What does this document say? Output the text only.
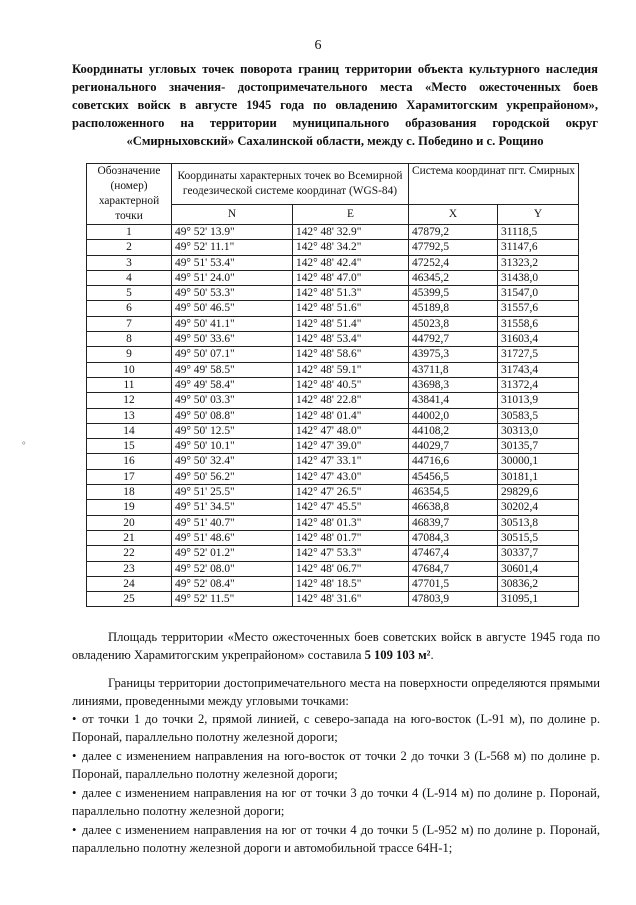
6
Координаты угловых точек поворота границ территории объекта культурного наследия регионального значения- достопримечательного места «Место ожесточенных боев советских войск в августе 1945 года по овладению Харамитогским укрепрайоном», расположенного на территории муниципального образования городской округ «Смирныховский» Сахалинской области, между с. Победино и с. Рощино
°
Обозначение (номер) характерной точки	Координаты характерных точек во Всемирной геодезической системе координат (WGS-84)		Система координат пгт. Смирных	
	N	E	X	Y
1	49° 52' 13.9"	142° 48' 32.9"	47879,2	31118,5
2	49° 52' 11.1"	142° 48' 34.2"	47792,5	31147,6
3	49° 51' 53.4"	142° 48' 42.4"	47252,4	31323,2
4	49° 51' 24.0"	142° 48' 47.0"	46345,2	31438,0
5	49° 50' 53.3"	142° 48' 51.3"	45399,5	31547,0
6	49° 50' 46.5"	142° 48' 51.6"	45189,8	31557,6
7	49° 50' 41.1"	142° 48' 51.4"	45023,8	31558,6
8	49° 50' 33.6"	142° 48' 53.4"	44792,7	31603,4
9	49° 50' 07.1"	142° 48' 58.6"	43975,3	31727,5
10	49° 49' 58.5"	142° 48' 59.1"	43711,8	31743,4
11	49° 49' 58.4"	142° 48' 40.5"	43698,3	31372,4
12	49° 50' 03.3"	142° 48' 22.8"	43841,4	31013,9
13	49° 50' 08.8"	142° 48' 01.4"	44002,0	30583,5
14	49° 50' 12.5"	142° 47' 48.0"	44108,2	30313,0
15	49° 50' 10.1"	142° 47' 39.0"	44029,7	30135,7
16	49° 50' 32.4"	142° 47' 33.1"	44716,6	30000,1
17	49° 50' 56.2"	142° 47' 43.0"	45456,5	30181,1
18	49° 51' 25.5"	142° 47' 26.5"	46354,5	29829,6
19	49° 51' 34.5"	142° 47' 45.5"	46638,8	30202,4
20	49° 51' 40.7"	142° 48' 01.3"	46839,7	30513,8
21	49° 51' 48.6"	142° 48' 01.7"	47084,3	30515,5
22	49° 52' 01.2"	142° 47' 53.3"	47467,4	30337,7
23	49° 52' 08.0"	142° 48' 06.7"	47684,7	30601,4
24	49° 52' 08.4"	142° 48' 18.5"	47701,5	30836,2
25	49° 52' 11.5"	142° 48' 31.6"	47803,9	31095,1
Площадь территории «Место ожесточенных боев советских войск в августе 1945 года по овладению Харамитогским укрепрайоном» составила 5 109 103 м².
Границы территории достопримечательного места на поверхности определяются прямыми линиями, проведенными между угловыми точками:
• от точки 1 до точки 2, прямой линией, с северо-запада на юго-восток (L-91 м), по долине р. Поронай, параллельно полотну железной дороги;
• далее с изменением направления на юго-восток от точки 2 до точки 3 (L-568 м) по долине р. Поронай, параллельно полотну железной дороги;
• далее с изменением направления на юг от точки 3 до точки 4 (L-914 м) по долине р. Поронай, параллельно полотну железной дороги;
• далее с изменением направления на юг от точки 4 до точки 5 (L-952 м) по долине р. Поронай, параллельно полотну железной дороги и автомобильной трассе 64Н-1;
